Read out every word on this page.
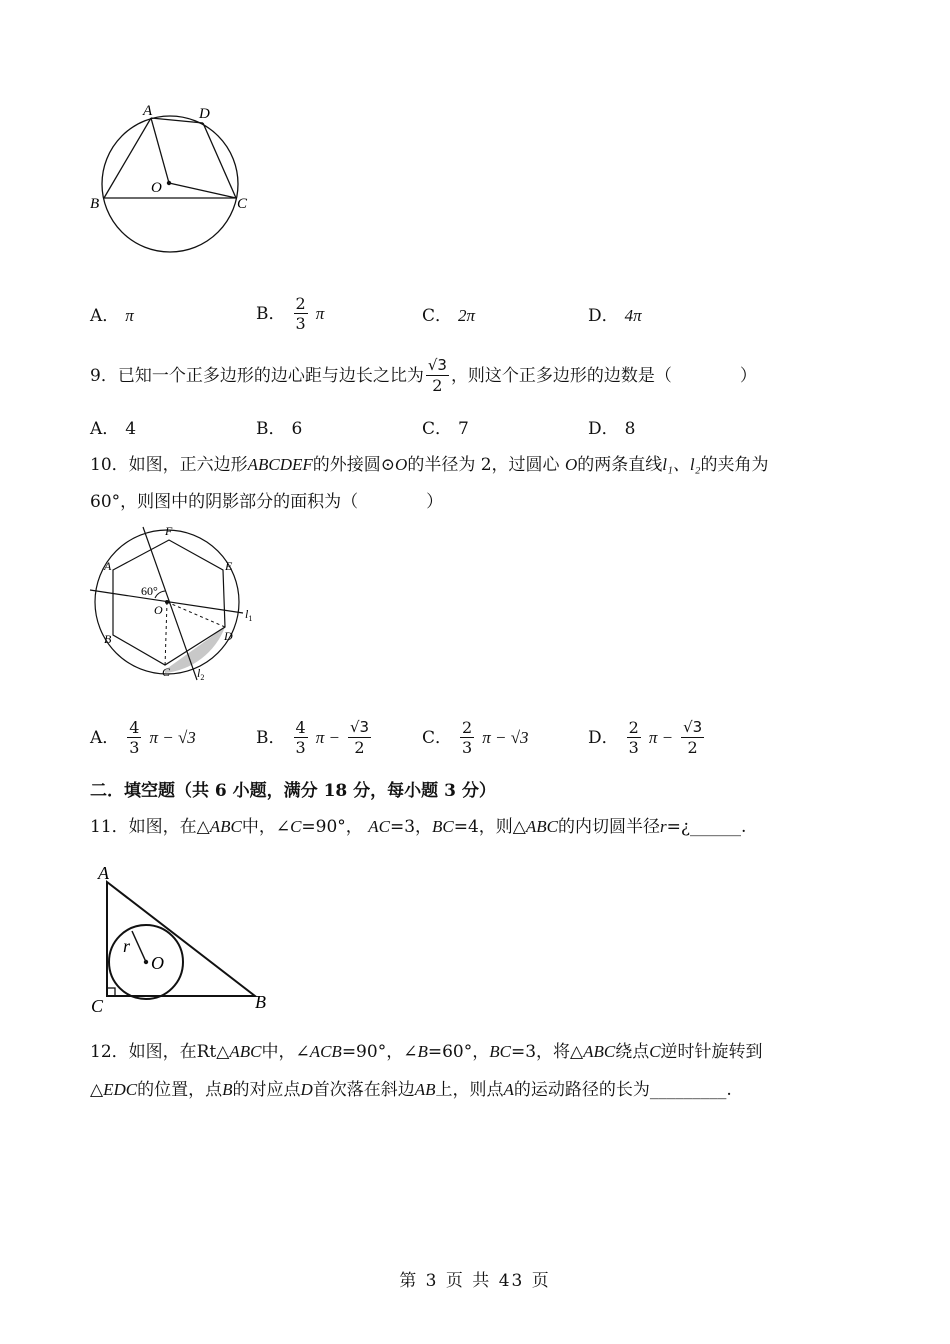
A	D
B	C
O
A． π	B． $\frac{2}{3}$ π	C． 2π	D． 4π
9．已知一个正多边形的边心距与边长之比为 $\frac{√3}{2}$ ，则这个正多边形的边数是（　　　　）
A． 4	B． 6	C． 7	D． 8
10．如图，正六边形ABCDEF的外接圆⊙O的半径为 2，过圆心 O的两条直线l₁、l₂的夹角为
60°，则图中的阴影部分的面积为（　　　　）
F
E
A
60°
O	$l_1$
B	D
C $l_2$
A． $\frac{4}{3}$ π − √3	B． $\frac{4}{3}$ $\pi - \frac{√3}{2}$	C． $\frac{2}{3}$ π − √3	D． $\frac{2}{3}$ $\pi - \frac{√3}{2}$
二．填空题（共 6 小题，满分 18 分，每小题 3 分）
11．如图，在△ABC中，∠C=90°， AC=3，BC=4，则△ABC的内切圆半径r=¿______.
A
r
O
C	B
12．如图，在Rt△ABC中，∠ACB=90°，∠B=60°，BC=3，将△ABC绕点C逆时针旋转到
△EDC的位置，点B的对应点D首次落在斜边AB上，则点A的运动路径的长为_________.
第 3 页 共 43 页
